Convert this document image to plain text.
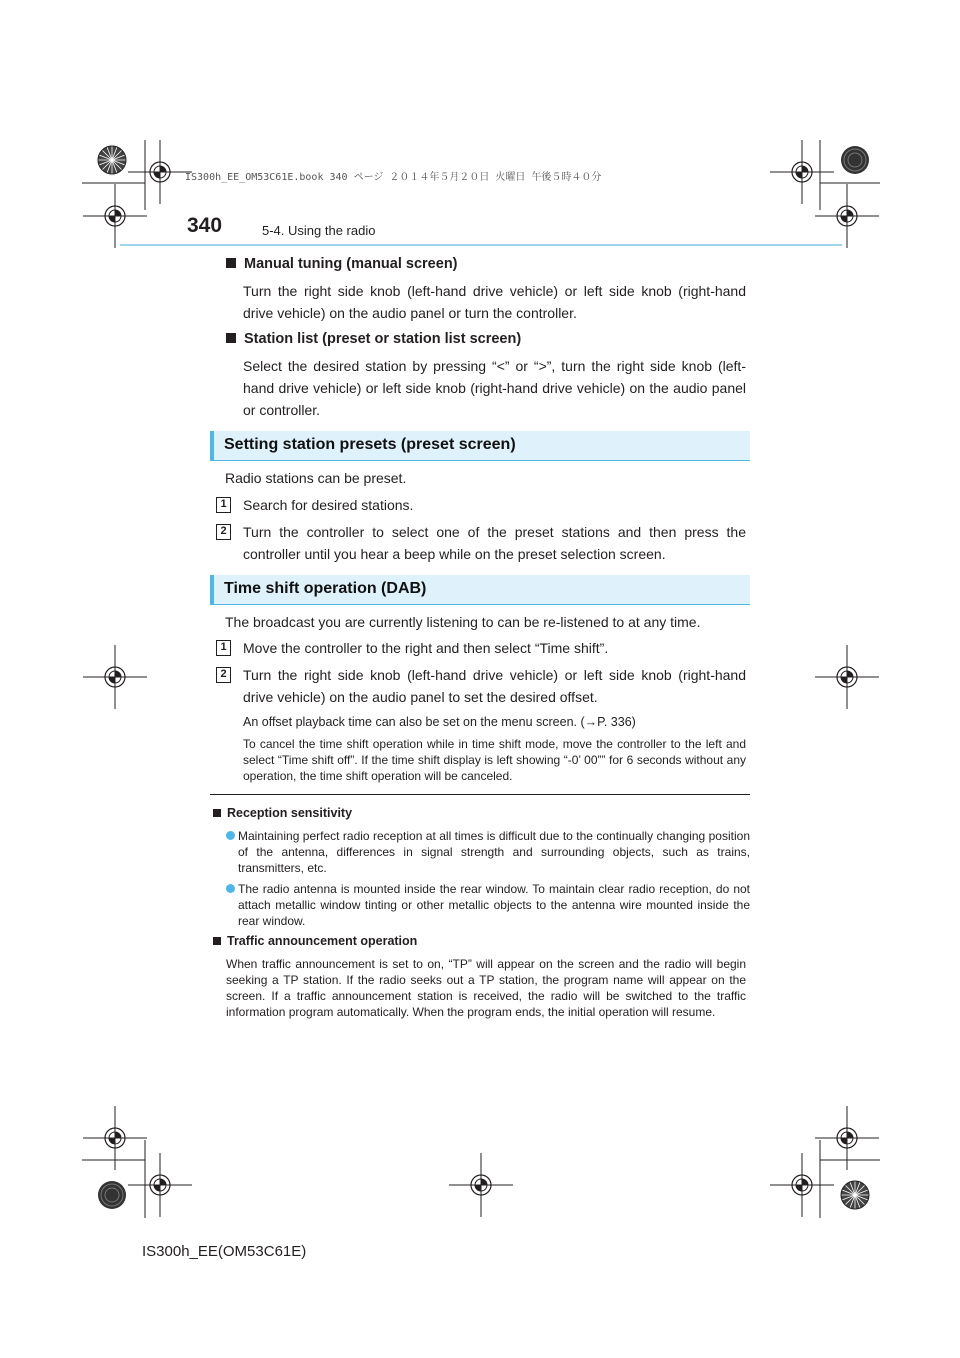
IS300h_EE_OM53C61E.book 340 ページ ２０１４年５月２０日 火曜日 午後５時４０分
340	5-4. Using the radio
Manual tuning (manual screen)
Turn the right side knob (left-hand drive vehicle) or left side knob (right-hand drive vehicle) on the audio panel or turn the controller.
Station list (preset or station list screen)
Select the desired station by pressing “<” or “>”, turn the right side knob (left-hand drive vehicle) or left side knob (right-hand drive vehicle) on the audio panel or controller.
Setting station presets (preset screen)
Radio stations can be preset.
1	Search for desired stations.
2	Turn the controller to select one of the preset stations and then press the controller until you hear a beep while on the preset selection screen.
Time shift operation (DAB)
The broadcast you are currently listening to can be re-listened to at any time.
1	Move the controller to the right and then select “Time shift”.
2	Turn the right side knob (left-hand drive vehicle) or left side knob (right-hand drive vehicle) on the audio panel to set the desired offset.
An offset playback time can also be set on the menu screen. (→P. 336)
To cancel the time shift operation while in time shift mode, move the controller to the left and select “Time shift off”. If the time shift display is left showing “-0’ 00”” for 6 seconds without any operation, the time shift operation will be canceled.
Reception sensitivity
Maintaining perfect radio reception at all times is difficult due to the continually changing position of the antenna, differences in signal strength and surrounding objects, such as trains, transmitters, etc.
The radio antenna is mounted inside the rear window. To maintain clear radio reception, do not attach metallic window tinting or other metallic objects to the antenna wire mounted inside the rear window.
Traffic announcement operation
When traffic announcement is set to on, “TP” will appear on the screen and the radio will begin seeking a TP station. If the radio seeks out a TP station, the program name will appear on the screen. If a traffic announcement station is received, the radio will be switched to the traffic information program automatically. When the program ends, the initial operation will resume.
IS300h_EE(OM53C61E)
